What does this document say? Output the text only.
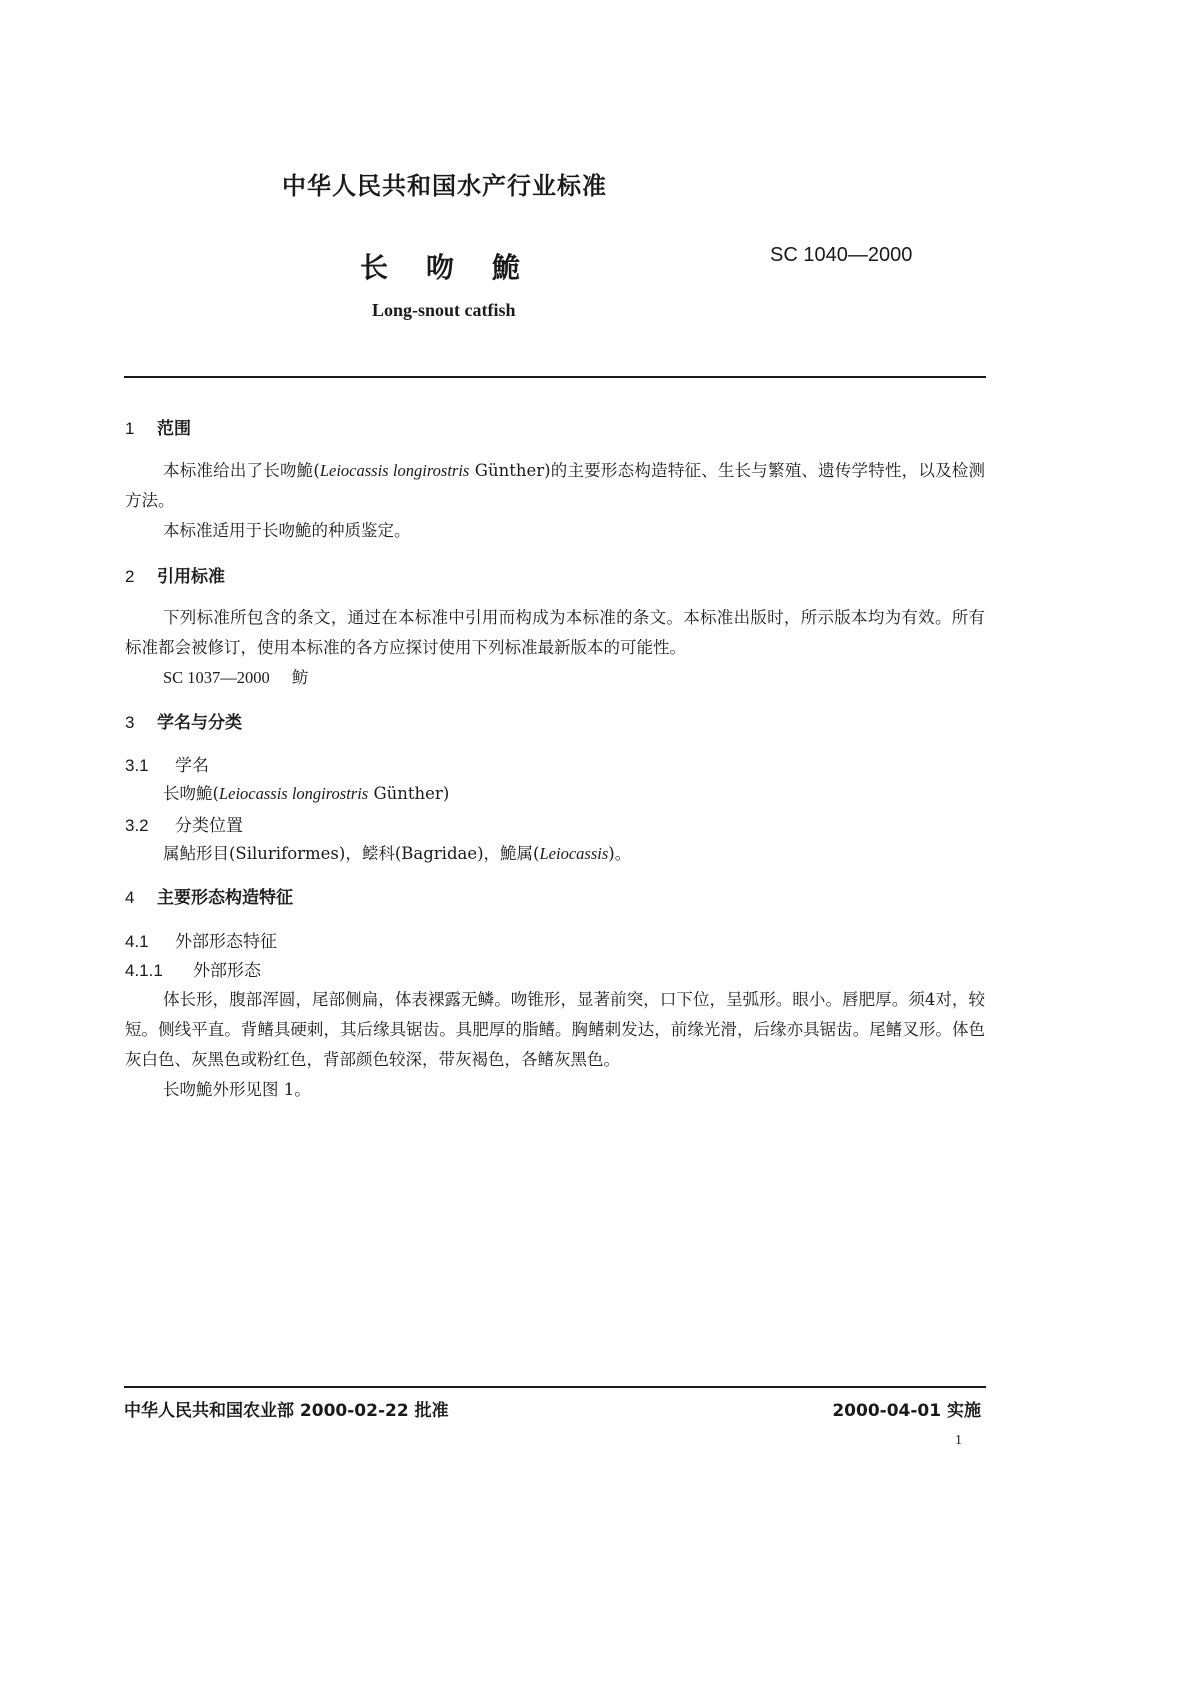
中华人民共和国水产行业标准
长吻鮠	SC 1040—2000
Long-snout catfish
1 范围

本标准给出了长吻鮠(Leiocassis longirostris Günther)的主要形态构造特征、生长与繁殖、遗传学特性，以及检测方法。

本标准适用于长吻鮠的种质鉴定。

2 引用标准

下列标准所包含的条文，通过在本标准中引用而构成为本标准的条文。本标准出版时，所示版本均为有效。所有标准都会被修订，使用本标准的各方应探讨使用下列标准最新版本的可能性。

SC 1037—2000 鲂

3 学名与分类
3.1 学名
长吻鮠(Leiocassis longirostris Günther)
3.2 分类位置
属鲇形目(Siluriformes)，鲿科(Bagridae)，鮠属(Leiocassis)。
4 主要形态构造特征
4.1 外部形态特征
4.1.1 外部形态

体长形，腹部浑圆，尾部侧扁，体表裸露无鳞。吻锥形，显著前突，口下位，呈弧形。眼小。唇肥厚。须4对，较短。侧线平直。背鳍具硬刺，其后缘具锯齿。具肥厚的脂鳍。胸鳍刺发达，前缘光滑，后缘亦具锯齿。尾鳍叉形。体色灰白色、灰黑色或粉红色，背部颜色较深，带灰褐色，各鳍灰黑色。

长吻鮠外形见图 1。

中华人民共和国农业部 2000-02-22 批准	2000-04-01 实施
1
